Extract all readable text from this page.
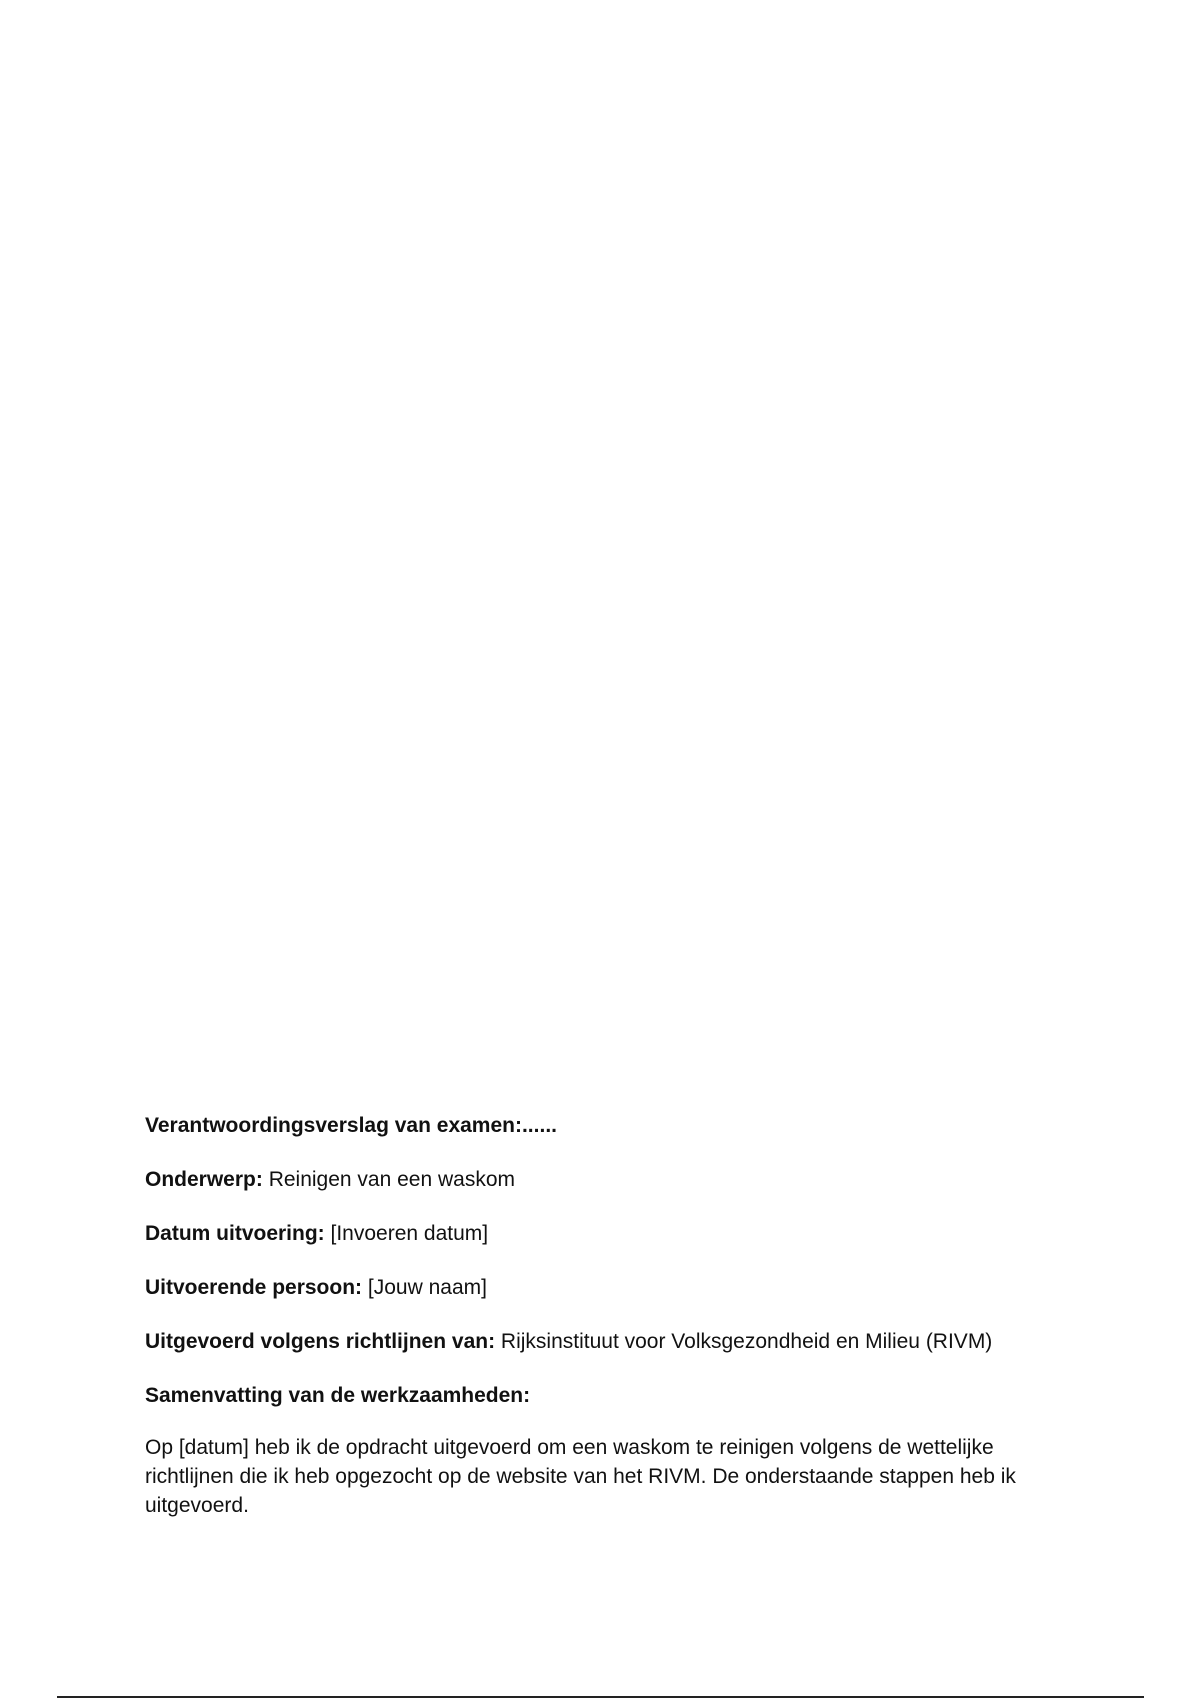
Verantwoordingsverslag van examen:......

Onderwerp: Reinigen van een waskom

Datum uitvoering: [Invoeren datum]

Uitvoerende persoon: [Jouw naam]

Uitgevoerd volgens richtlijnen van: Rijksinstituut voor Volksgezondheid en Milieu (RIVM)

Samenvatting van de werkzaamheden:

Op [datum] heb ik de opdracht uitgevoerd om een waskom te reinigen volgens de wettelijke richtlijnen die ik heb opgezocht op de website van het RIVM. De onderstaande stappen heb ik uitgevoerd.
